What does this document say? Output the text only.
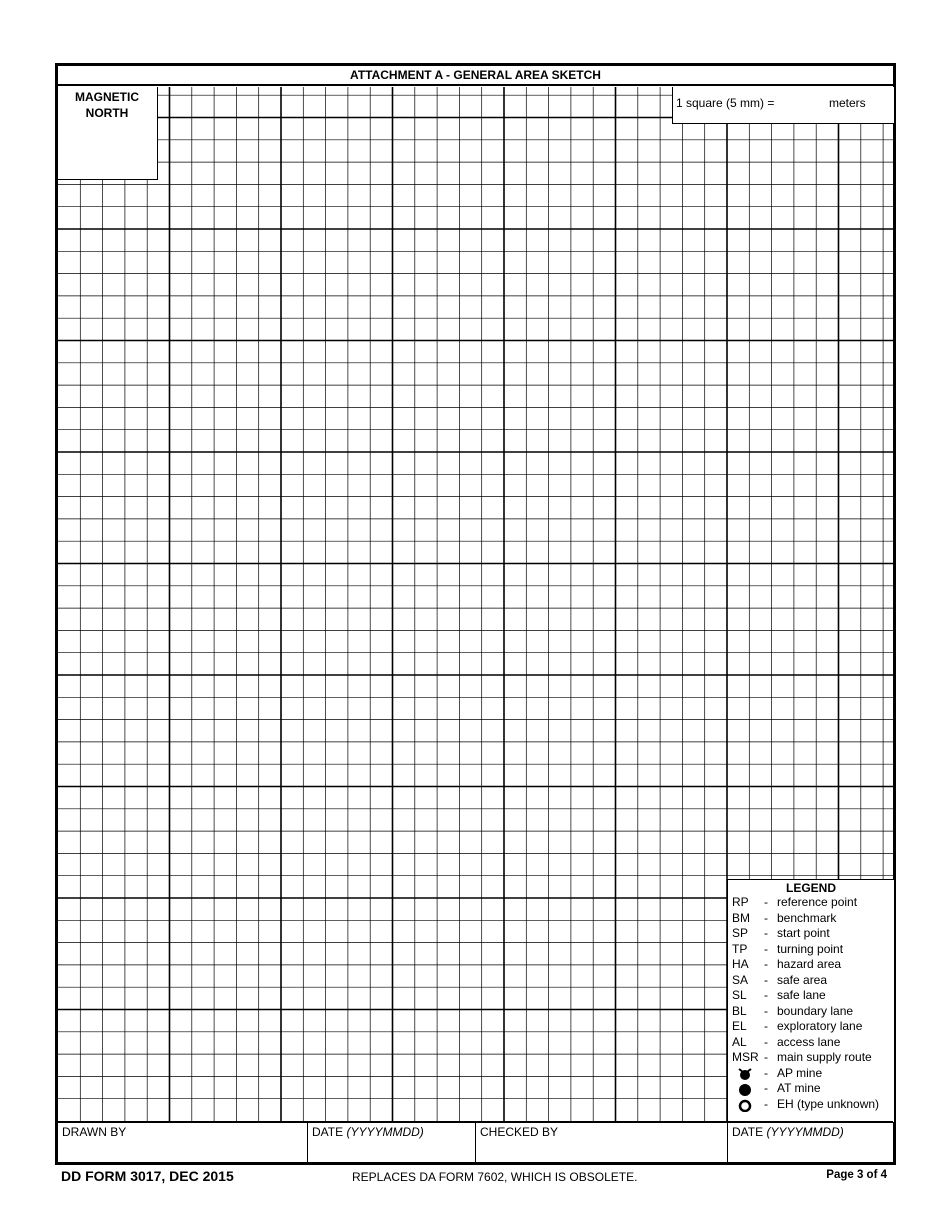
ATTACHMENT A - GENERAL AREA SKETCH
MAGNETIC
NORTH
1 square (5 mm) =	meters
LEGEND
RP	- reference point
BM	- benchmark
SP	- start point
TP	- turning point
HA	- hazard area
SA	- safe area
SL	- safe lane
BL	- boundary lane
EL	- exploratory lane
AL	- access lane
MSR - main supply route
- AP mine
- AT mine
- EH (type unknown)
DRAWN BY	DATE (YYYYMMDD)	CHECKED BY	DATE (YYYYMMDD)
DD FORM 3017, DEC 2015	REPLACES DA FORM 7602, WHICH IS OBSOLETE.	Page 3 of 4
